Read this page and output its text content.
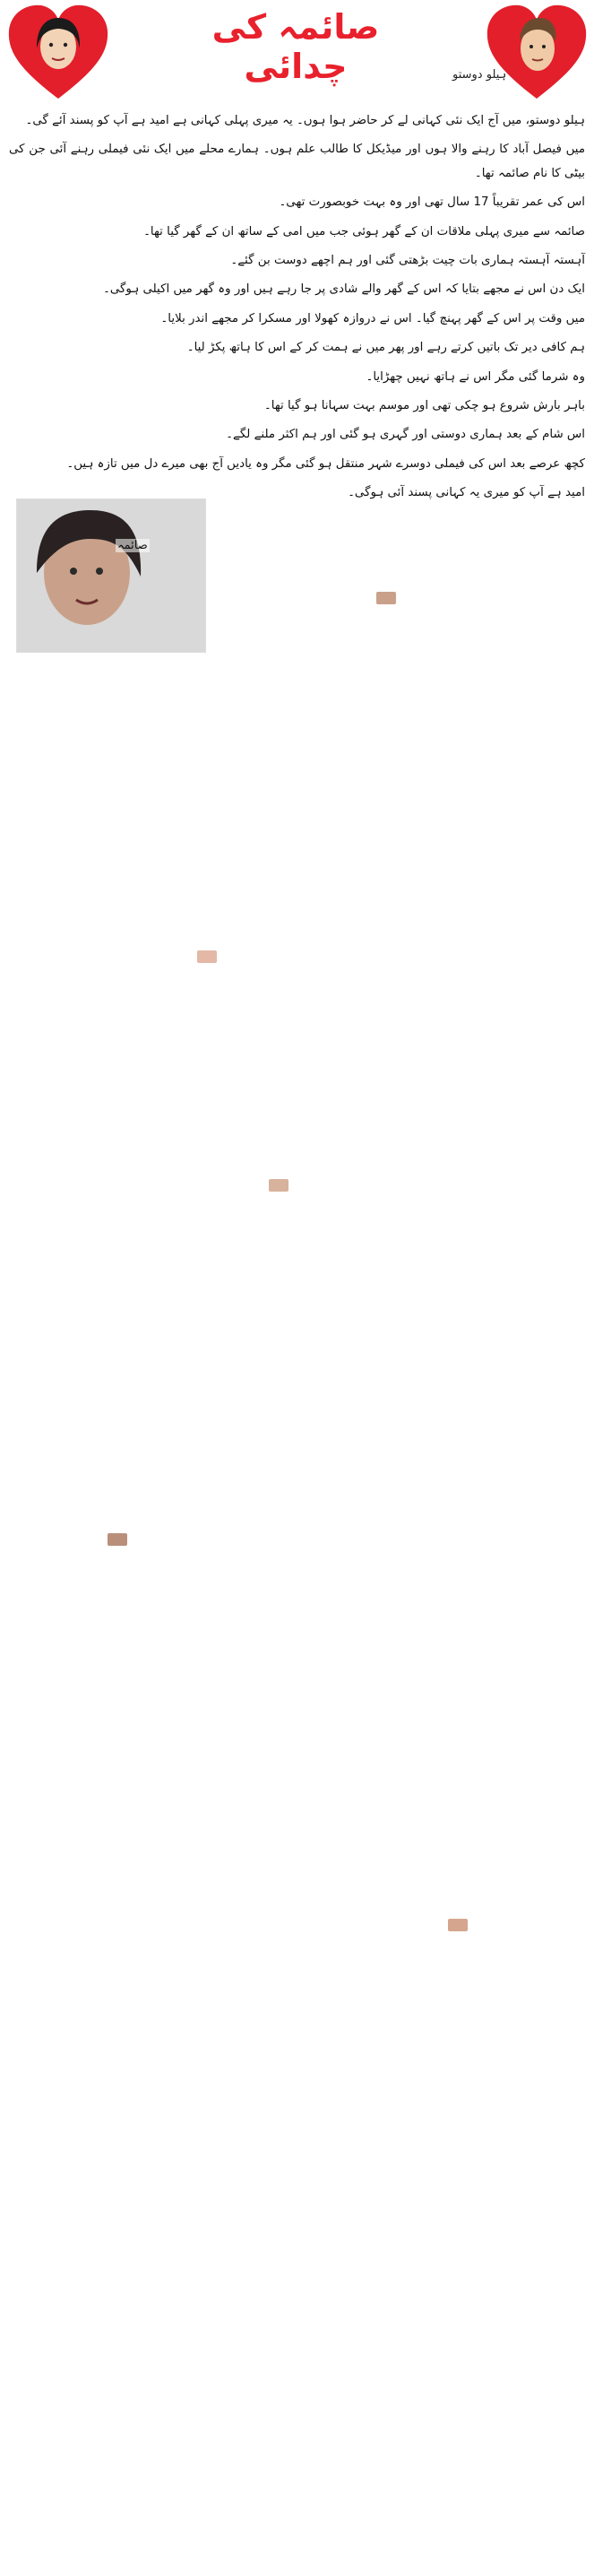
صائمہ کی چدائی	ہیلو دوستو
صائمہ

ہیلو دوستو، میں آج ایک نئی کہانی لے کر حاضر ہوا ہوں۔ یہ میری پہلی کہانی ہے امید ہے آپ کو پسند آئے گی۔

میں فیصل آباد کا رہنے والا ہوں اور میڈیکل کا طالب علم ہوں۔ ہمارے محلے میں ایک نئی فیملی رہنے آئی جن کی بیٹی کا نام صائمہ تھا۔

اس کی عمر تقریباً 17 سال تھی اور وہ بہت خوبصورت تھی۔

صائمہ سے میری پہلی ملاقات ان کے گھر ہوئی جب میں امی کے ساتھ ان کے گھر گیا تھا۔

آہستہ آہستہ ہماری بات چیت بڑھتی گئی اور ہم اچھے دوست بن گئے۔

ایک دن اس نے مجھے بتایا کہ اس کے گھر والے شادی پر جا رہے ہیں اور وہ گھر میں اکیلی ہوگی۔

میں وقت پر اس کے گھر پہنچ گیا۔ اس نے دروازہ کھولا اور مسکرا کر مجھے اندر بلایا۔

ہم کافی دیر تک باتیں کرتے رہے اور پھر میں نے ہمت کر کے اس کا ہاتھ پکڑ لیا۔

وہ شرما گئی مگر اس نے ہاتھ نہیں چھڑایا۔

باہر بارش شروع ہو چکی تھی اور موسم بہت سہانا ہو گیا تھا۔

اس شام کے بعد ہماری دوستی اور گہری ہو گئی اور ہم اکثر ملنے لگے۔

کچھ عرصے بعد اس کی فیملی دوسرے شہر منتقل ہو گئی مگر وہ یادیں آج بھی میرے دل میں تازہ ہیں۔

امید ہے آپ کو میری یہ کہانی پسند آئی ہوگی۔
